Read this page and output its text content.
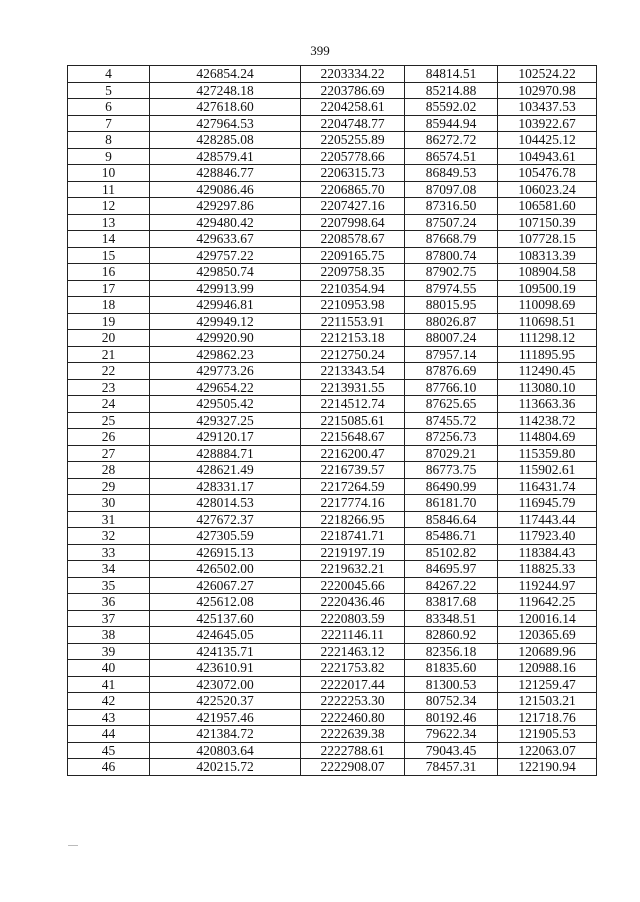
399
4	426854.24	2203334.22	84814.51	102524.22
5	427248.18	2203786.69	85214.88	102970.98
6	427618.60	2204258.61	85592.02	103437.53
7	427964.53	2204748.77	85944.94	103922.67
8	428285.08	2205255.89	86272.72	104425.12
9	428579.41	2205778.66	86574.51	104943.61
10	428846.77	2206315.73	86849.53	105476.78
11	429086.46	2206865.70	87097.08	106023.24
12	429297.86	2207427.16	87316.50	106581.60
13	429480.42	2207998.64	87507.24	107150.39
14	429633.67	2208578.67	87668.79	107728.15
15	429757.22	2209165.75	87800.74	108313.39
16	429850.74	2209758.35	87902.75	108904.58
17	429913.99	2210354.94	87974.55	109500.19
18	429946.81	2210953.98	88015.95	110098.69
19	429949.12	2211553.91	88026.87	110698.51
20	429920.90	2212153.18	88007.24	111298.12
21	429862.23	2212750.24	87957.14	111895.95
22	429773.26	2213343.54	87876.69	112490.45
23	429654.22	2213931.55	87766.10	113080.10
24	429505.42	2214512.74	87625.65	113663.36
25	429327.25	2215085.61	87455.72	114238.72
26	429120.17	2215648.67	87256.73	114804.69
27	428884.71	2216200.47	87029.21	115359.80
28	428621.49	2216739.57	86773.75	115902.61
29	428331.17	2217264.59	86490.99	116431.74
30	428014.53	2217774.16	86181.70	116945.79
31	427672.37	2218266.95	85846.64	117443.44
32	427305.59	2218741.71	85486.71	117923.40
33	426915.13	2219197.19	85102.82	118384.43
34	426502.00	2219632.21	84695.97	118825.33
35	426067.27	2220045.66	84267.22	119244.97
36	425612.08	2220436.46	83817.68	119642.25
37	425137.60	2220803.59	83348.51	120016.14
38	424645.05	2221146.11	82860.92	120365.69
39	424135.71	2221463.12	82356.18	120689.96
40	423610.91	2221753.82	81835.60	120988.16
41	423072.00	2222017.44	81300.53	121259.47
42	422520.37	2222253.30	80752.34	121503.21
43	421957.46	2222460.80	80192.46	121718.76
44	421384.72	2222639.38	79622.34	121905.53
45	420803.64	2222788.61	79043.45	122063.07
46	420215.72	2222908.07	78457.31	122190.94
